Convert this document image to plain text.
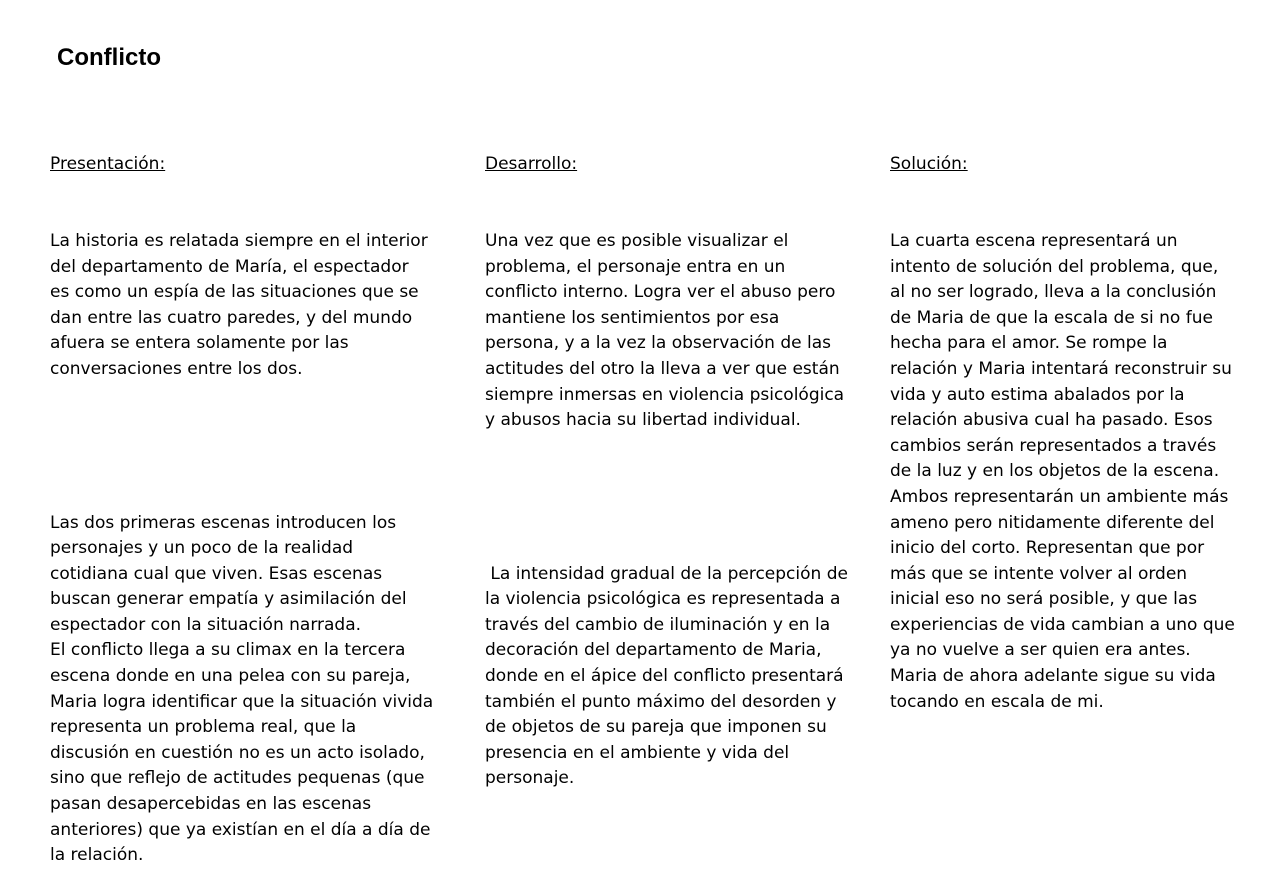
Conflicto

Presentación:

La historia es relatada siempre en el interior
del departamento de María, el espectador
es como un espía de las situaciones que se
dan entre las cuatro paredes, y del mundo
afuera se entera solamente por las
conversaciones entre los dos.

Las dos primeras escenas introducen los
personajes y un poco de la realidad
cotidiana cual que viven. Esas escenas
buscan generar empatía y asimilación del
espectador con la situación narrada.
El conflicto llega a su climax en la tercera
escena donde en una pelea con su pareja,
Maria logra identificar que la situación vivida
representa un problema real, que la
discusión en cuestión no es un acto isolado,
sino que reflejo de actitudes pequenas (que
pasan desapercebidas en las escenas
anteriores) que ya existían en el día a día de
la relación.

Desarrollo:

Una vez que es posible visualizar el
problema, el personaje entra en un
conflicto interno. Logra ver el abuso pero
mantiene los sentimientos por esa
persona, y a la vez la observación de las
actitudes del otro la lleva a ver que están
siempre inmersas en violencia psicológica
y abusos hacia su libertad individual.

La intensidad gradual de la percepción de
la violencia psicológica es representada a
través del cambio de iluminación y en la
decoración del departamento de Maria,
donde en el ápice del conflicto presentará
también el punto máximo del desorden y
de objetos de su pareja que imponen su
presencia en el ambiente y vida del
personaje.

Solución:

La cuarta escena representará un
intento de solución del problema, que,
al no ser logrado, lleva a la conclusión
de Maria de que la escala de si no fue
hecha para el amor. Se rompe la
relación y Maria intentará reconstruir su
vida y auto estima abalados por la
relación abusiva cual ha pasado. Esos
cambios serán representados a través
de la luz y en los objetos de la escena.
Ambos representarán un ambiente más
ameno pero nitidamente diferente del
inicio del corto. Representan que por
más que se intente volver al orden
inicial eso no será posible, y que las
experiencias de vida cambian a uno que
ya no vuelve a ser quien era antes.
Maria de ahora adelante sigue su vida
tocando en escala de mi.
